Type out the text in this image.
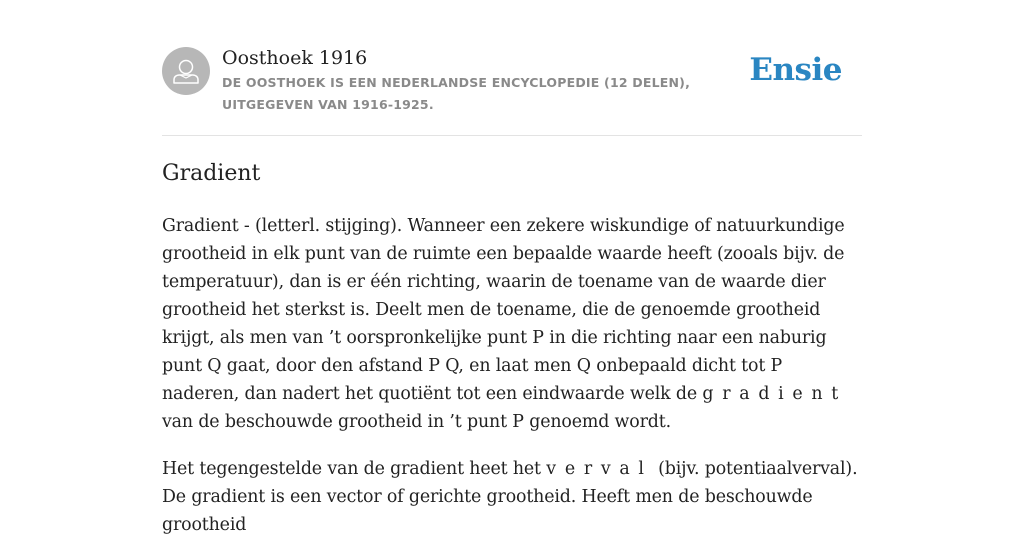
Oosthoek 1916
DE OOSTHOEK IS EEN NEDERLANDSE ENCYCLOPEDIE (12 DELEN), UITGEGEVEN VAN 1916-1925.
Ensie
Gradient

Gradient - (letterl. stijging). Wanneer een zekere wiskundige of natuurkundige grootheid in elk punt van de ruimte een bepaalde waarde heeft (zooals bijv. de temperatuur), dan is er één richting, waarin de toename van de waarde dier grootheid het sterkst is. Deelt men de toename, die de genoemde grootheid krijgt, als men van ’t oorspronkelijke punt P in die richting naar een naburig punt Q gaat, door den afstand P Q, en laat men Q onbepaald dicht tot P naderen, dan nadert het quotiënt tot een eindwaarde welk de gradient van de beschouwde grootheid in ’t punt P genoemd wordt.

Het tegengestelde van de gradient heet het verval (bijv. potentiaalverval). De gradient is een vector of gerichte grootheid. Heeft men de beschouwde grootheid
